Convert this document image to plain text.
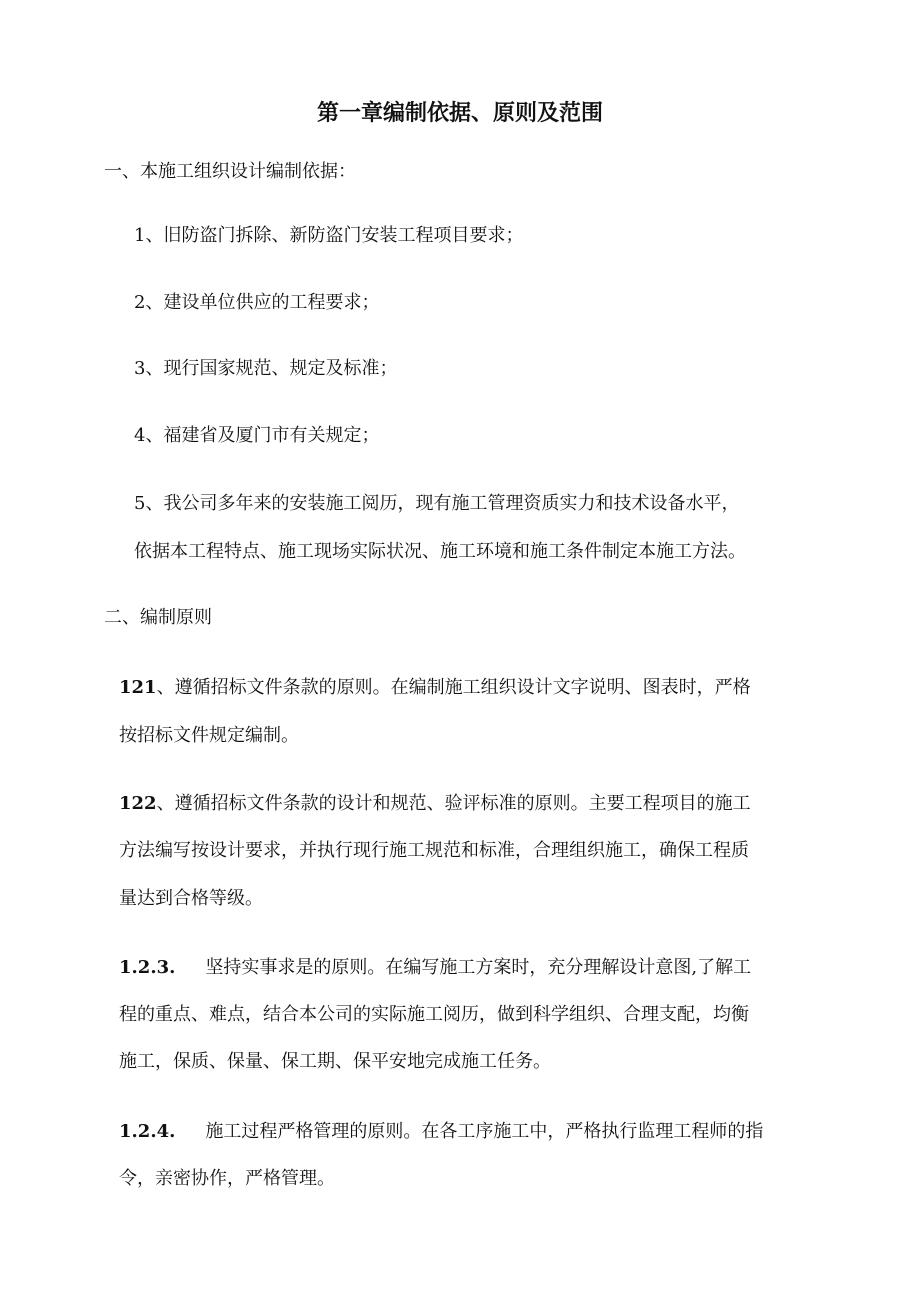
第一章编制依据、原则及范围
一、本施工组织设计编制依据：
1、旧防盗门拆除、新防盗门安装工程项目要求；
2、建设单位供应的工程要求；
3、现行国家规范、规定及标准；
4、福建省及厦门市有关规定；
5、我公司多年来的安装施工阅历，现有施工管理资质实力和技术设备水平，
依据本工程特点、施工现场实际状况、施工环境和施工条件制定本施工方法。
二、编制原则
121、遵循招标文件条款的原则。在编制施工组织设计文字说明、图表时，严格
按招标文件规定编制。
122、遵循招标文件条款的设计和规范、验评标准的原则。主要工程项目的施工
方法编写按设计要求，并执行现行施工规范和标准，合理组织施工，确保工程质
量达到合格等级。
1.2.3. 坚持实事求是的原则。在编写施工方案时，充分理解设计意图,了解工
程的重点、难点，结合本公司的实际施工阅历，做到科学组织、合理支配，均衡
施工，保质、保量、保工期、保平安地完成施工任务。
1.2.4. 施工过程严格管理的原则。在各工序施工中，严格执行监理工程师的指
令，亲密协作，严格管理。
